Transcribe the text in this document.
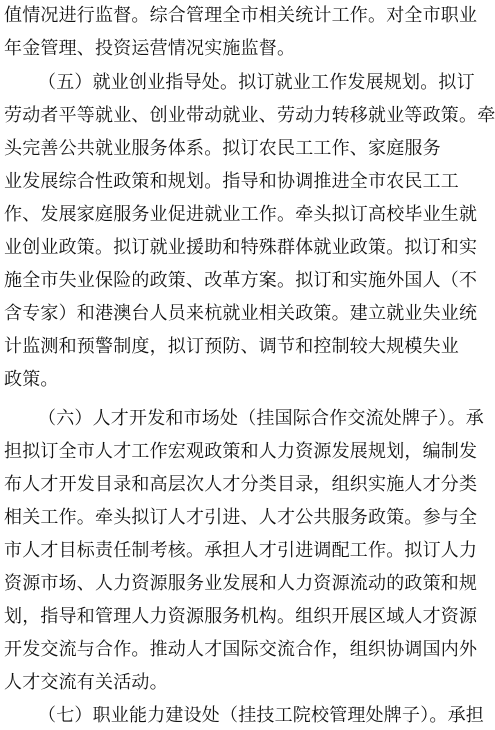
值情况进行监督。综合管理全市相关统计工作。对全市职业
年金管理、投资运营情况实施监督。
（五）就业创业指导处。拟订就业工作发展规划。拟订
劳动者平等就业、创业带动就业、劳动力转移就业等政策。牵
头完善公共就业服务体系。拟订农民工工作、家庭服务
业发展综合性政策和规划。指导和协调推进全市农民工工
作、发展家庭服务业促进就业工作。牵头拟订高校毕业生就
业创业政策。拟订就业援助和特殊群体就业政策。拟订和实
施全市失业保险的政策、改革方案。拟订和实施外国人（不
含专家）和港澳台人员来杭就业相关政策。建立就业失业统
计监测和预警制度，拟订预防、调节和控制较大规模失业
政策。
（六）人才开发和市场处（挂国际合作交流处牌子）。承
担拟订全市人才工作宏观政策和人力资源发展规划，编制发
布人才开发目录和高层次人才分类目录，组织实施人才分类
相关工作。牵头拟订人才引进、人才公共服务政策。参与全
市人才目标责任制考核。承担人才引进调配工作。拟订人力
资源市场、人力资源服务业发展和人力资源流动的政策和规
划，指导和管理人力资源服务机构。组织开展区域人才资源
开发交流与合作。推动人才国际交流合作，组织协调国内外
人才交流有关活动。
（七）职业能力建设处（挂技工院校管理处牌子）。承担
